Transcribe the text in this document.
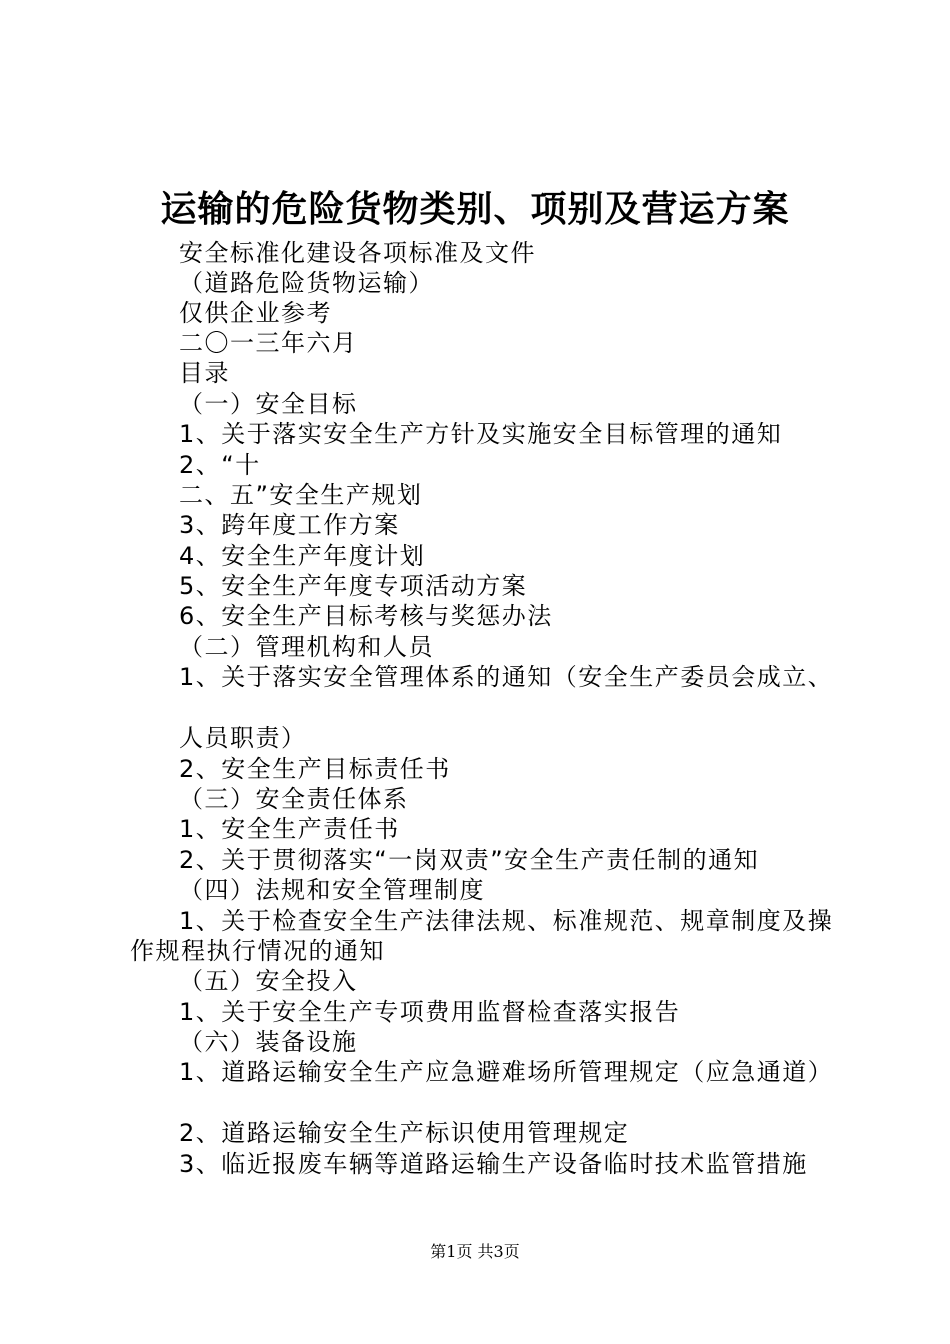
运输的危险货物类别、项别及营运方案
安全标准化建设各项标准及文件
（道路危险货物运输）
仅供企业参考
二〇一三年六月
目录
（一）安全目标
1、关于落实安全生产方针及实施安全目标管理的通知
2、“十
二、五”安全生产规划
3、跨年度工作方案
4、安全生产年度计划
5、安全生产年度专项活动方案
6、安全生产目标考核与奖惩办法
（二）管理机构和人员
1、关于落实安全管理体系的通知（安全生产委员会成立、
人员职责）
2、安全生产目标责任书
（三）安全责任体系
1、安全生产责任书
2、关于贯彻落实“一岗双责”安全生产责任制的通知
（四）法规和安全管理制度
1、关于检查安全生产法律法规、标准规范、规章制度及操
作规程执行情况的通知
（五）安全投入
1、关于安全生产专项费用监督检查落实报告
（六）装备设施
1、道路运输安全生产应急避难场所管理规定（应急通道）
2、道路运输安全生产标识使用管理规定
3、临近报废车辆等道路运输生产设备临时技术监管措施
第1页 共3页
